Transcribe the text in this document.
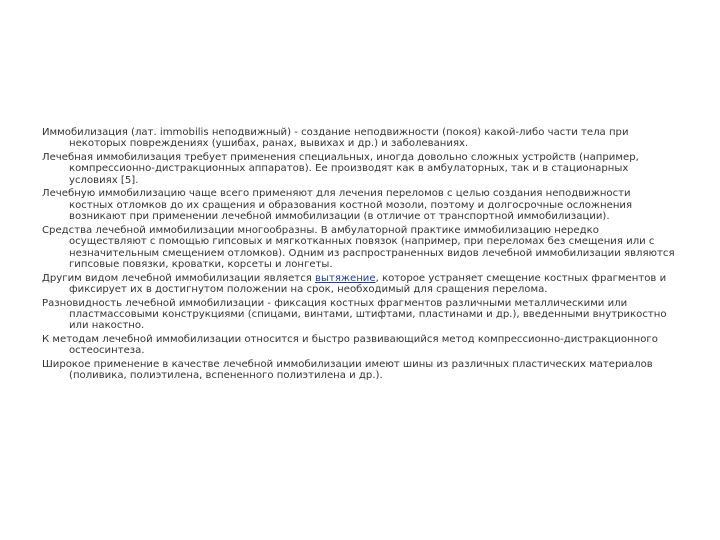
Иммобилизация (лат. immobilis неподвижный) - создание неподвижности (покоя) какой-либо части тела при некоторых повреждениях (ушибах, ранах, вывихах и др.) и заболеваниях.

Лечебная иммобилизация требует применения специальных, иногда довольно сложных устройств (например, компрессионно-дистракционных аппаратов). Ее производят как в амбулаторных, так и в стационарных условиях [5].

Лечебную иммобилизацию чаще всего применяют для лечения переломов с целью создания неподвижности костных отломков до их сращения и образования костной мозоли, поэтому и долгосрочные осложнения возникают при применении лечебной иммобилизации (в отличие от транспортной иммобилизации).

Средства лечебной иммобилизации многообразны. В амбулаторной практике иммобилизацию нередко осуществляют с помощью гипсовых и мягкотканных повязок (например, при переломах без смещения или с незначительным смещением отломков). Одним из распространенных видов лечебной иммобилизации являются гипсовые повязки, кроватки, корсеты и лонгеты.

Другим видом лечебной иммобилизации является вытяжение, которое устраняет смещение костных фрагментов и фиксирует их в достигнутом положении на срок, необходимый для сращения перелома.

Разновидность лечебной иммобилизации - фиксация костных фрагментов различными металлическими или пластмассовыми конструкциями (спицами, винтами, штифтами, пластинами и др.), введенными внутрикостно или накостно.

К методам лечебной иммобилизации относится и быстро развивающийся метод компрессионно-дистракционного остеосинтеза.

Широкое применение в качестве лечебной иммобилизации имеют шины из различных пластических материалов (поливика, полиэтилена, вспененного полиэтилена и др.).
